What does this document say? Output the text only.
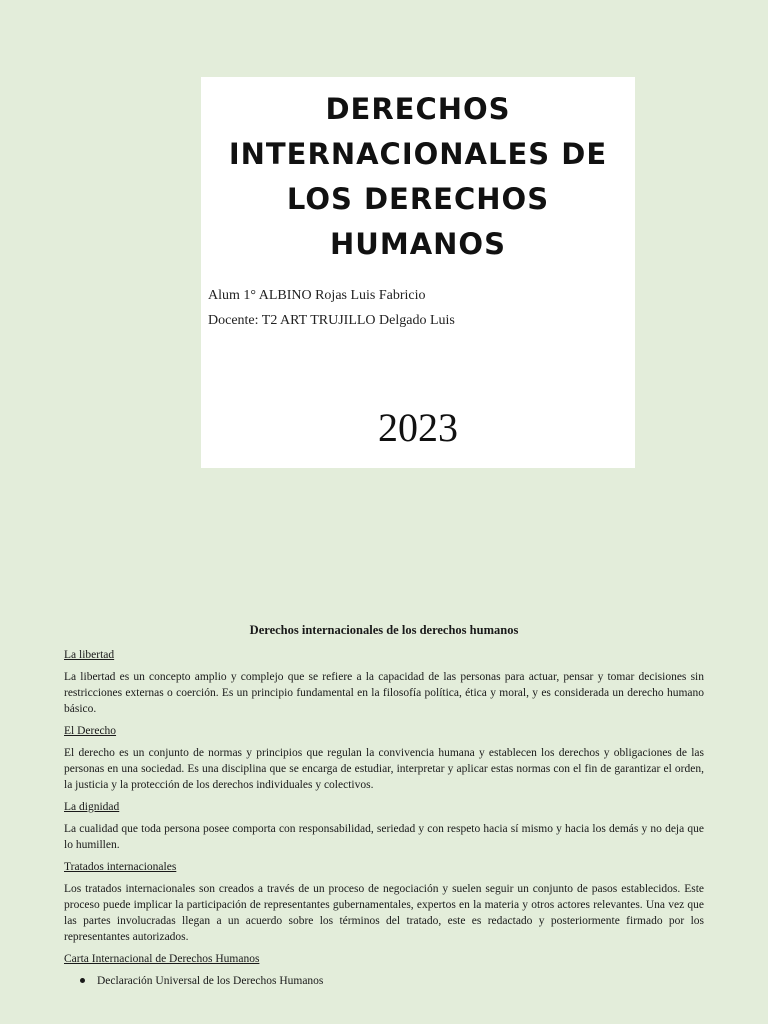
DERECHOS
INTERNACIONALES DE
LOS DERECHOS
HUMANOS
Alum 1° ALBINO Rojas Luis Fabricio
Docente: T2 ART TRUJILLO Delgado Luis
2023
Derechos internacionales de los derechos humanos
La libertad
La libertad es un concepto amplio y complejo que se refiere a la capacidad de las personas para actuar, pensar y tomar decisiones sin restricciones externas o coerción. Es un principio fundamental en la filosofía política, ética y moral, y es considerada un derecho humano básico.
El Derecho
El derecho es un conjunto de normas y principios que regulan la convivencia humana y establecen los derechos y obligaciones de las personas en una sociedad. Es una disciplina que se encarga de estudiar, interpretar y aplicar estas normas con el fin de garantizar el orden, la justicia y la protección de los derechos individuales y colectivos.
La dignidad
La cualidad que toda persona posee comporta con responsabilidad, seriedad y con respeto hacia sí mismo y hacia los demás y no deja que lo humillen.
Tratados internacionales
Los tratados internacionales son creados a través de un proceso de negociación y suelen seguir un conjunto de pasos establecidos. Este proceso puede implicar la participación de representantes gubernamentales, expertos en la materia y otros actores relevantes. Una vez que las partes involucradas llegan a un acuerdo sobre los términos del tratado, este es redactado y posteriormente firmado por los representantes autorizados.
Carta Internacional de Derechos Humanos
Declaración Universal de los Derechos Humanos
